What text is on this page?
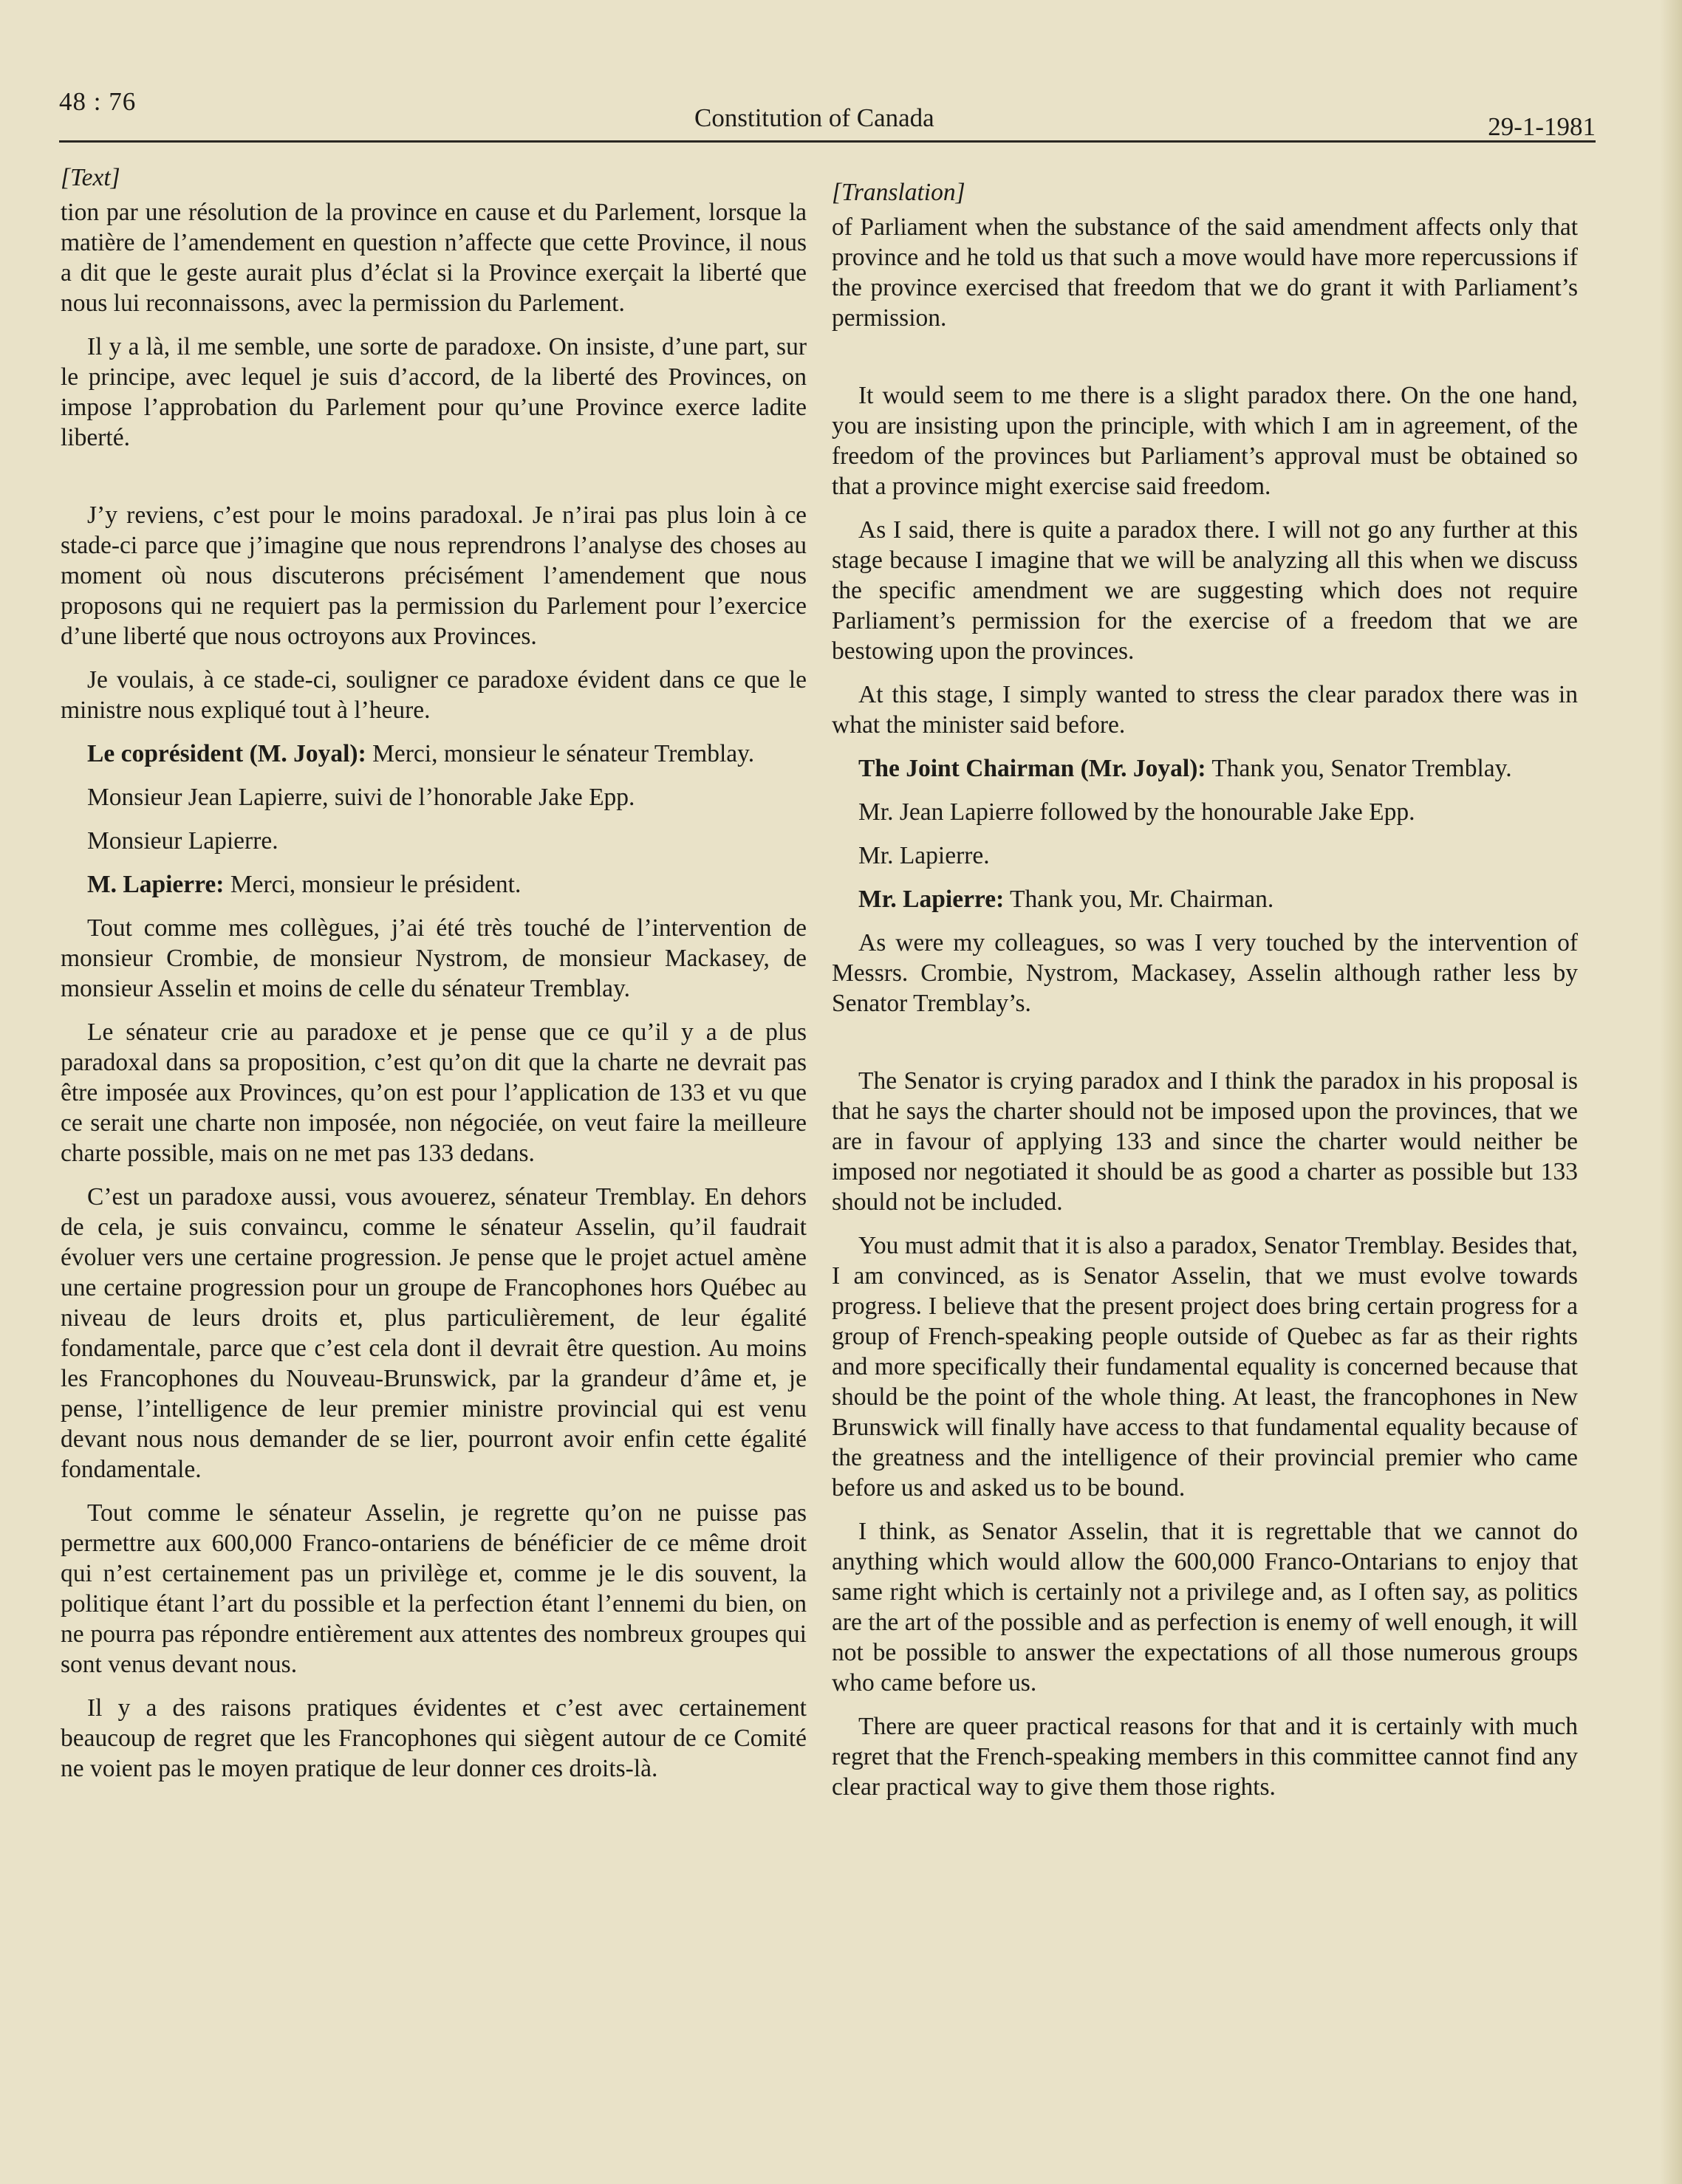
48 : 76
Constitution of Canada	29-1-1981
[Text]

tion par une résolution de la province en cause et du Parlement, lorsque la matière de l’amendement en question n’affecte que cette Province, il nous a dit que le geste aurait plus d’éclat si la Province exerçait la liberté que nous lui reconnaissons, avec la permission du Parlement.

Il y a là, il me semble, une sorte de paradoxe. On insiste, d’une part, sur le principe, avec lequel je suis d’accord, de la liberté des Provinces, on impose l’approbation du Parlement pour qu’une Province exerce ladite liberté.

J’y reviens, c’est pour le moins paradoxal. Je n’irai pas plus loin à ce stade-ci parce que j’imagine que nous reprendrons l’analyse des choses au moment où nous discuterons précisément l’amendement que nous proposons qui ne requiert pas la permission du Parlement pour l’exercice d’une liberté que nous octroyons aux Provinces.

Je voulais, à ce stade-ci, souligner ce paradoxe évident dans ce que le ministre nous expliqué tout à l’heure.

Le coprésident (M. Joyal): Merci, monsieur le sénateur Tremblay.

Monsieur Jean Lapierre, suivi de l’honorable Jake Epp.

Monsieur Lapierre.

M. Lapierre: Merci, monsieur le président.

Tout comme mes collègues, j’ai été très touché de l’intervention de monsieur Crombie, de monsieur Nystrom, de monsieur Mackasey, de monsieur Asselin et moins de celle du sénateur Tremblay.

Le sénateur crie au paradoxe et je pense que ce qu’il y a de plus paradoxal dans sa proposition, c’est qu’on dit que la charte ne devrait pas être imposée aux Provinces, qu’on est pour l’application de 133 et vu que ce serait une charte non imposée, non négociée, on veut faire la meilleure charte possible, mais on ne met pas 133 dedans.

C’est un paradoxe aussi, vous avouerez, sénateur Tremblay. En dehors de cela, je suis convaincu, comme le sénateur Asselin, qu’il faudrait évoluer vers une certaine progression. Je pense que le projet actuel amène une certaine progression pour un groupe de Francophones hors Québec au niveau de leurs droits et, plus particulièrement, de leur égalité fondamentale, parce que c’est cela dont il devrait être question. Au moins les Francophones du Nouveau-Brunswick, par la grandeur d’âme et, je pense, l’intelligence de leur premier ministre provincial qui est venu devant nous nous demander de se lier, pourront avoir enfin cette égalité fondamentale.

Tout comme le sénateur Asselin, je regrette qu’on ne puisse pas permettre aux 600,000 Franco-ontariens de bénéficier de ce même droit qui n’est certainement pas un privilège et, comme je le dis souvent, la politique étant l’art du possible et la perfection étant l’ennemi du bien, on ne pourra pas répondre entièrement aux attentes des nombreux groupes qui sont venus devant nous.

Il y a des raisons pratiques évidentes et c’est avec certainement beaucoup de regret que les Francophones qui siègent autour de ce Comité ne voient pas le moyen pratique de leur donner ces droits-là.

[Translation]

of Parliament when the substance of the said amendment affects only that province and he told us that such a move would have more repercussions if the province exercised that freedom that we do grant it with Parliament’s permission.

It would seem to me there is a slight paradox there. On the one hand, you are insisting upon the principle, with which I am in agreement, of the freedom of the provinces but Parliament’s approval must be obtained so that a province might exercise said freedom.

As I said, there is quite a paradox there. I will not go any further at this stage because I imagine that we will be analyzing all this when we discuss the specific amendment we are suggesting which does not require Parliament’s permission for the exercise of a freedom that we are bestowing upon the provinces.

At this stage, I simply wanted to stress the clear paradox there was in what the minister said before.

The Joint Chairman (Mr. Joyal): Thank you, Senator Tremblay.

Mr. Jean Lapierre followed by the honourable Jake Epp.

Mr. Lapierre.

Mr. Lapierre: Thank you, Mr. Chairman.

As were my colleagues, so was I very touched by the intervention of Messrs. Crombie, Nystrom, Mackasey, Asselin although rather less by Senator Tremblay’s.

The Senator is crying paradox and I think the paradox in his proposal is that he says the charter should not be imposed upon the provinces, that we are in favour of applying 133 and since the charter would neither be imposed nor negotiated it should be as good a charter as possible but 133 should not be included.

You must admit that it is also a paradox, Senator Tremblay. Besides that, I am convinced, as is Senator Asselin, that we must evolve towards progress. I believe that the present project does bring certain progress for a group of French-speaking people outside of Quebec as far as their rights and more specifically their fundamental equality is concerned because that should be the point of the whole thing. At least, the francophones in New Brunswick will finally have access to that fundamental equality because of the greatness and the intelligence of their provincial premier who came before us and asked us to be bound.

I think, as Senator Asselin, that it is regrettable that we cannot do anything which would allow the 600,000 Franco-Ontarians to enjoy that same right which is certainly not a privilege and, as I often say, as politics are the art of the possible and as perfection is enemy of well enough, it will not be possible to answer the expectations of all those numerous groups who came before us.

There are queer practical reasons for that and it is certainly with much regret that the French-speaking members in this committee cannot find any clear practical way to give them those rights.
